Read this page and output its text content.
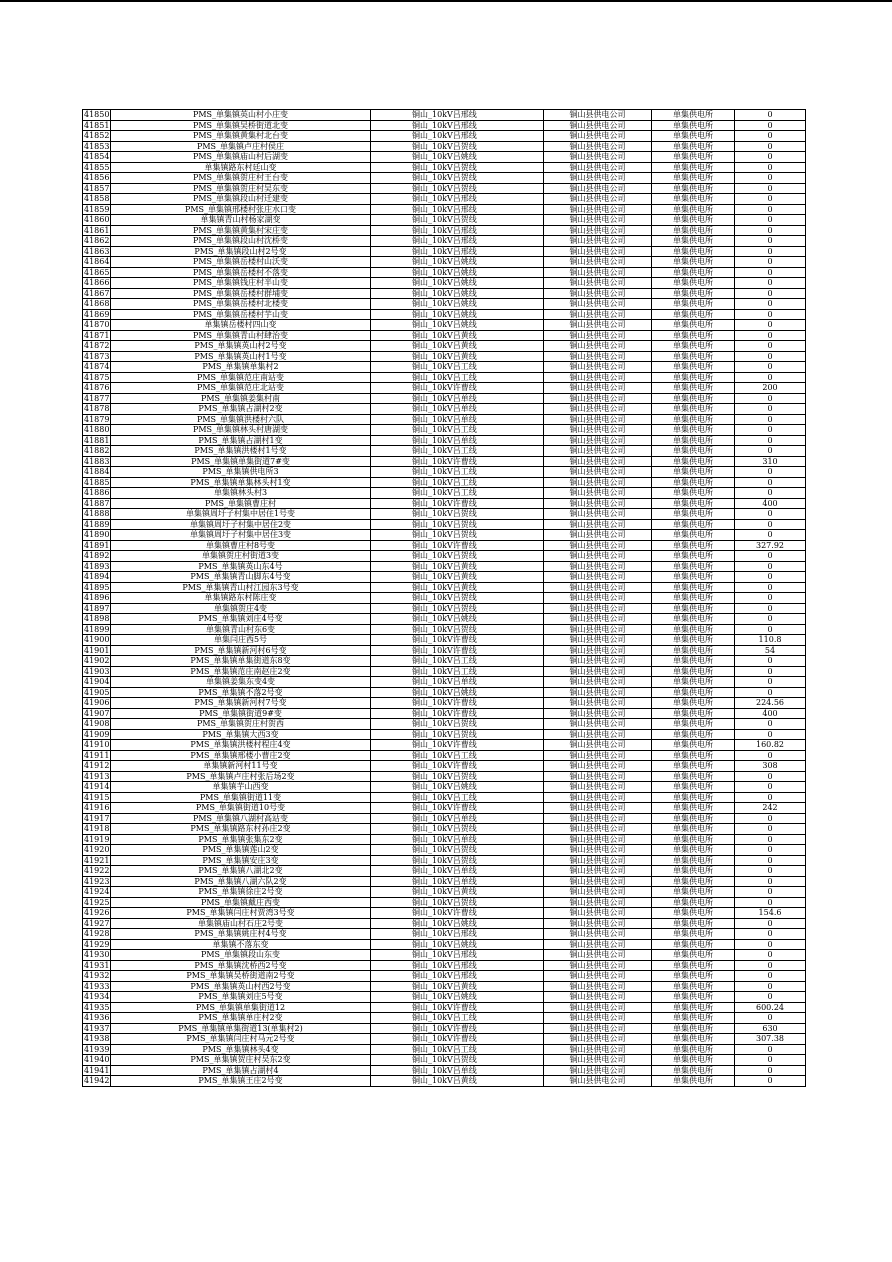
41850	PMS_单集镇英山村小庄变	铜山_10kV吕邢线	铜山县供电公司	单集供电所	0
41851	PMS_单集镇吴桥街道北变	铜山_10kV吕邢线	铜山县供电公司	单集供电所	0
41852	PMS_单集镇黄集村北台变	铜山_10kV吕邢线	铜山县供电公司	单集供电所	0
41853	PMS_单集镇卢庄村侯庄	铜山_10kV吕贺线	铜山县供电公司	单集供电所	0
41854	PMS_单集镇庙山村后湖变	铜山_10kV吕姚线	铜山县供电公司	单集供电所	0
41855	单集镇路东村廷山变	铜山_10kV吕贺线	铜山县供电公司	单集供电所	0
41856	PMS_单集镇贺庄村王台变	铜山_10kV吕贺线	铜山县供电公司	单集供电所	0
41857	PMS_单集镇贺庄村吴东变	铜山_10kV吕贺线	铜山县供电公司	单集供电所	0
41858	PMS_单集镇段山村迁建变	铜山_10kV吕邢线	铜山县供电公司	单集供电所	0
41859	PMS_单集镇邢楼村张庄水口变	铜山_10kV吕邢线	铜山县供电公司	单集供电所	0
41860	单集镇青山村杨家湖变	铜山_10kV吕贺线	铜山县供电公司	单集供电所	0
41861	PMS_单集镇黄集村宋庄变	铜山_10kV吕邢线	铜山县供电公司	单集供电所	0
41862	PMS_单集镇段山村沈桥变	铜山_10kV吕邢线	铜山县供电公司	单集供电所	0
41863	PMS_单集镇段山村2号变	铜山_10kV吕邢线	铜山县供电公司	单集供电所	0
41864	PMS_单集镇岳楼村山沃变	铜山_10kV吕姚线	铜山县供电公司	单集供电所	0
41865	PMS_单集镇岳楼村不落变	铜山_10kV吕姚线	铜山县供电公司	单集供电所	0
41866	PMS_单集镇钱庄村半山变	铜山_10kV吕姚线	铜山县供电公司	单集供电所	0
41867	PMS_单集镇岳楼村群埔变	铜山_10kV吕姚线	铜山县供电公司	单集供电所	0
41868	PMS_单集镇岳楼村北楼变	铜山_10kV吕姚线	铜山县供电公司	单集供电所	0
41869	PMS_单集镇岳楼村芋山变	铜山_10kV吕姚线	铜山县供电公司	单集供电所	0
41870	单集镇岳楼村四山变	铜山_10kV吕姚线	铜山县供电公司	单集供电所	0
41871	PMS_单集镇青山村肆治变	铜山_10kV吕黄线	铜山县供电公司	单集供电所	0
41872	PMS_单集镇英山村2号变	铜山_10kV吕黄线	铜山县供电公司	单集供电所	0
41873	PMS_单集镇英山村1号变	铜山_10kV吕黄线	铜山县供电公司	单集供电所	0
41874	PMS_单集镇单集村2	铜山_10kV吕工线	铜山县供电公司	单集供电所	0
41875	PMS_单集镇范庄南站变	铜山_10kV吕工线	铜山县供电公司	单集供电所	0
41876	PMS_单集镇范庄北站变	铜山_10kV许曹线	铜山县供电公司	单集供电所	200
41877	PMS_单集镇姜集村南	铜山_10kV吕单线	铜山县供电公司	单集供电所	0
41878	PMS_单集镇占湖村2变	铜山_10kV吕单线	铜山县供电公司	单集供电所	0
41879	PMS_单集镇洪楼村六队	铜山_10kV吕单线	铜山县供电公司	单集供电所	0
41880	PMS_单集镇林头村唐湖变	铜山_10kV吕工线	铜山县供电公司	单集供电所	0
41881	PMS_单集镇占湖村1变	铜山_10kV吕单线	铜山县供电公司	单集供电所	0
41882	PMS_单集镇洪楼村1号变	铜山_10kV吕工线	铜山县供电公司	单集供电所	0
41883	PMS_单集镇单集街道7#变	铜山_10kV许曹线	铜山县供电公司	单集供电所	310
41884	PMS_单集镇供电所3	铜山_10kV吕工线	铜山县供电公司	单集供电所	0
41885	PMS_单集镇单集林头村1变	铜山_10kV吕工线	铜山县供电公司	单集供电所	0
41886	单集镇林头村3	铜山_10kV吕工线	铜山县供电公司	单集供电所	0
41887	PMS_单集镇曹庄村	铜山_10kV许曹线	铜山县供电公司	单集供电所	400
41888	单集镇周圩子村集中居住1号变	铜山_10kV吕贺线	铜山县供电公司	单集供电所	0
41889	单集镇周圩子村集中居住2变	铜山_10kV吕贺线	铜山县供电公司	单集供电所	0
41890	单集镇周圩子村集中居住3变	铜山_10kV吕贺线	铜山县供电公司	单集供电所	0
41891	单集镇曹庄村8号变	铜山_10kV许曹线	铜山县供电公司	单集供电所	327.92
41892	单集镇贺庄村街道3变	铜山_10kV吕贺线	铜山县供电公司	单集供电所	0
41893	PMS_单集镇英山东4号	铜山_10kV吕黄线	铜山县供电公司	单集供电所	0
41894	PMS_单集镇青山脚东4号变	铜山_10kV吕黄线	铜山县供电公司	单集供电所	0
41895	PMS_单集镇青山村江园东3号变	铜山_10kV吕黄线	铜山县供电公司	单集供电所	0
41896	单集镇路东村陈庄变	铜山_10kV吕贺线	铜山县供电公司	单集供电所	0
41897	单集镇贺庄4变	铜山_10kV吕贺线	铜山县供电公司	单集供电所	0
41898	PMS_单集镇刘庄4号变	铜山_10kV吕姚线	铜山县供电公司	单集供电所	0
41899	单集镇青山村东6变	铜山_10kV吕贺线	铜山县供电公司	单集供电所	0
41900	单集闫庄西5号	铜山_10kV许曹线	铜山县供电公司	单集供电所	110.8
41901	PMS_单集镇新河村6号变	铜山_10kV许曹线	铜山县供电公司	单集供电所	54
41902	PMS_单集镇单集街道东8变	铜山_10kV吕工线	铜山县供电公司	单集供电所	0
41903	PMS_单集镇范庄南赵庄2变	铜山_10kV吕工线	铜山县供电公司	单集供电所	0
41904	单集镇姜集东变4变	铜山_10kV吕单线	铜山县供电公司	单集供电所	0
41905	PMS_单集镇不落2号变	铜山_10kV吕姚线	铜山县供电公司	单集供电所	0
41906	PMS_单集镇新河村7号变	铜山_10kV许曹线	铜山县供电公司	单集供电所	224.56
41907	PMS_单集镇街道9#变	铜山_10kV许曹线	铜山县供电公司	单集供电所	400
41908	PMS_单集镇贺庄村贺西	铜山_10kV吕贺线	铜山县供电公司	单集供电所	0
41909	PMS_单集镇大西3变	铜山_10kV吕贺线	铜山县供电公司	单集供电所	0
41910	PMS_单集镇洪楼村程庄4变	铜山_10kV许曹线	铜山县供电公司	单集供电所	160.82
41911	PMS_单集镇邢楼小曹庄2变	铜山_10kV吕工线	铜山县供电公司	单集供电所	0
41912	单集镇新河村11号变	铜山_10kV许曹线	铜山县供电公司	单集供电所	308
41913	PMS_单集镇卢庄村张后场2变	铜山_10kV吕贺线	铜山县供电公司	单集供电所	0
41914	单集镇芋山西变	铜山_10kV吕姚线	铜山县供电公司	单集供电所	0
41915	PMS_单集镇街道11变	铜山_10kV吕工线	铜山县供电公司	单集供电所	0
41916	PMS_单集镇街道10号变	铜山_10kV许曹线	铜山县供电公司	单集供电所	242
41917	PMS_单集镇八湖村高站变	铜山_10kV吕单线	铜山县供电公司	单集供电所	0
41918	PMS_单集镇路东村孙庄2变	铜山_10kV吕贺线	铜山县供电公司	单集供电所	0
41919	PMS_单集镇张集东2变	铜山_10kV吕单线	铜山县供电公司	单集供电所	0
41920	PMS_单集镇莲山2变	铜山_10kV吕贺线	铜山县供电公司	单集供电所	0
41921	PMS_单集镇安庄3变	铜山_10kV吕贺线	铜山县供电公司	单集供电所	0
41922	PMS_单集镇八湖北2变	铜山_10kV吕单线	铜山县供电公司	单集供电所	0
41923	PMS_单集镇八湖六队2变	铜山_10kV吕单线	铜山县供电公司	单集供电所	0
41924	PMS_单集镇徐庄2号变	铜山_10kV吕黄线	铜山县供电公司	单集供电所	0
41925	PMS_单集镇戴庄西变	铜山_10kV吕贺线	铜山县供电公司	单集供电所	0
41926	PMS_单集镇闫庄村贾湾3号变	铜山_10kV许曹线	铜山县供电公司	单集供电所	154.6
41927	单集镇庙山村石庄2号变	铜山_10kV吕姚线	铜山县供电公司	单集供电所	0
41928	PMS_单集镇姚庄村4号变	铜山_10kV吕邢线	铜山县供电公司	单集供电所	0
41929	单集镇不落东变	铜山_10kV吕姚线	铜山县供电公司	单集供电所	0
41930	PMS_单集镇段山东变	铜山_10kV吕邢线	铜山县供电公司	单集供电所	0
41931	PMS_单集镇沈桥西2号变	铜山_10kV吕邢线	铜山县供电公司	单集供电所	0
41932	PMS_单集镇吴桥街道南2号变	铜山_10kV吕邢线	铜山县供电公司	单集供电所	0
41933	PMS_单集镇英山村西2号变	铜山_10kV吕黄线	铜山县供电公司	单集供电所	0
41934	PMS_单集镇刘庄5号变	铜山_10kV吕姚线	铜山县供电公司	单集供电所	0
41935	PMS_单集镇单集街道12	铜山_10kV许曹线	铜山县供电公司	单集供电所	600.24
41936	PMS_单集镇单庄村2变	铜山_10kV吕工线	铜山县供电公司	单集供电所	0
41937	PMS_单集镇单集街道13(单集村2)	铜山_10kV许曹线	铜山县供电公司	单集供电所	630
41938	PMS_单集镇闫庄村马元2号变	铜山_10kV许曹线	铜山县供电公司	单集供电所	307.38
41939	PMS_单集镇林头4变	铜山_10kV吕工线	铜山县供电公司	单集供电所	0
41940	PMS_单集镇贺庄村吴东2变	铜山_10kV吕贺线	铜山县供电公司	单集供电所	0
41941	PMS_单集镇占湖村4	铜山_10kV吕单线	铜山县供电公司	单集供电所	0
41942	PMS_单集镇王庄2号变	铜山_10kV吕黄线	铜山县供电公司	单集供电所	0
